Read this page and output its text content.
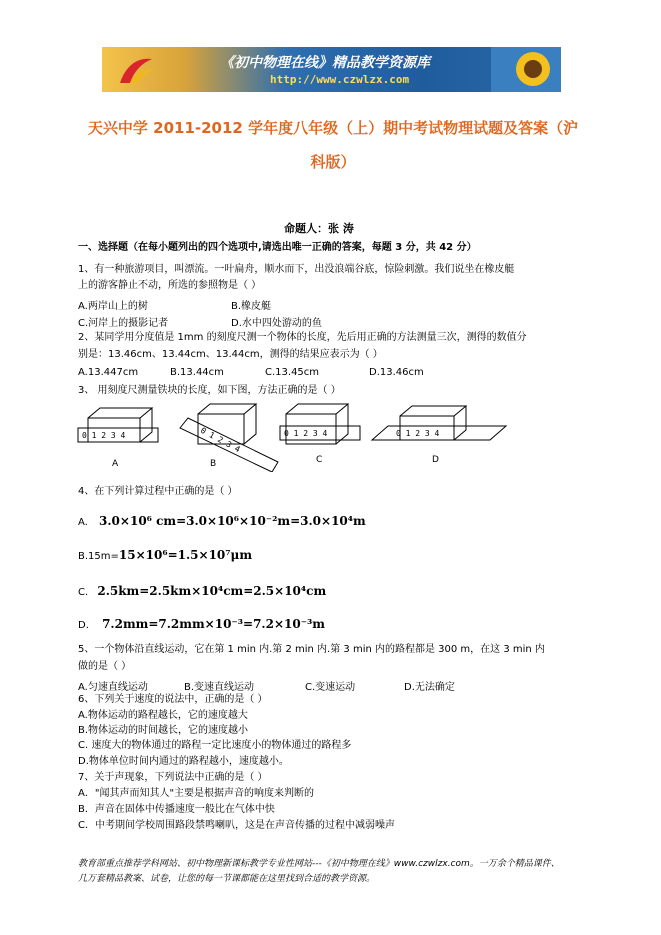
《初中物理在线》精品教学资源库
http://www.czwlzx.com
天兴中学 2011-2012 学年度八年级（上）期中考试物理试题及答案（沪
科版）
命题人：张 涛
一、选择题（在每小题列出的四个选项中,请选出唯一正确的答案，每题 3 分，共 42 分）
1、有一种旅游项目，叫漂流。一叶扁舟，顺水而下，出没浪端谷底，惊险刺激。我们说坐在橡皮艇
上的游客静止不动，所选的参照物是（ ）
A.两岸山上的树	B.橡皮艇
C.河岸上的摄影记者	D.水中四处游动的鱼
2、某同学用分度值是 1mm 的刻度尺测一个物体的长度，先后用正确的方法测量三次，测得的数值分
别是：13.46cm、13.44cm、13.44cm，测得的结果应表示为（ ）
A.13.447cm	B.13.44cm	C.13.45cm	D.13.46cm
3、 用刻度尺测量铁块的长度，如下图，方法正确的是（ ）
0 1 2 3 4	0 1 2 3 4	0 1 2 3 4
0 1 2 3 4
A	B	C	D
4、在下列计算过程中正确的是（ ）
A. 3.0×10⁶ cm=3.0×10⁶×10⁻²m=3.0×10⁴m
B.15m=15×10⁶=1.5×10⁷μm
C. 2.5km=2.5km×10⁴cm=2.5×10⁴cm
D. 7.2mm=7.2mm×10⁻³=7.2×10⁻³m
5、一个物体沿直线运动，它在第 1 min 内.第 2 min 内.第 3 min 内的路程都是 300 m，在这 3 min 内
做的是（ ）
A.匀速直线运动	B.变速直线运动	C.变速运动	D.无法确定
6、下列关于速度的说法中，正确的是（ ）
A.物体运动的路程越长，它的速度越大
B.物体运动的时间越长，它的速度越小
C. 速度大的物体通过的路程一定比速度小的物体通过的路程多
D.物体单位时间内通过的路程越小，速度越小。
7、关于声现象，下列说法中正确的是（ ）
A．"闻其声而知其人"主要是根据声音的响度来判断的
B．声音在固体中传播速度一般比在气体中快
C．中考期间学校周围路段禁鸣喇叭，这是在声音传播的过程中减弱噪声
教育部重点推荐学科网站、初中物理新课标教学专业性网站---《初中物理在线》www.czwlzx.com。一万余个精品课件、
几万套精品教案、试卷，让您的每一节课都能在这里找到合适的教学资源。
